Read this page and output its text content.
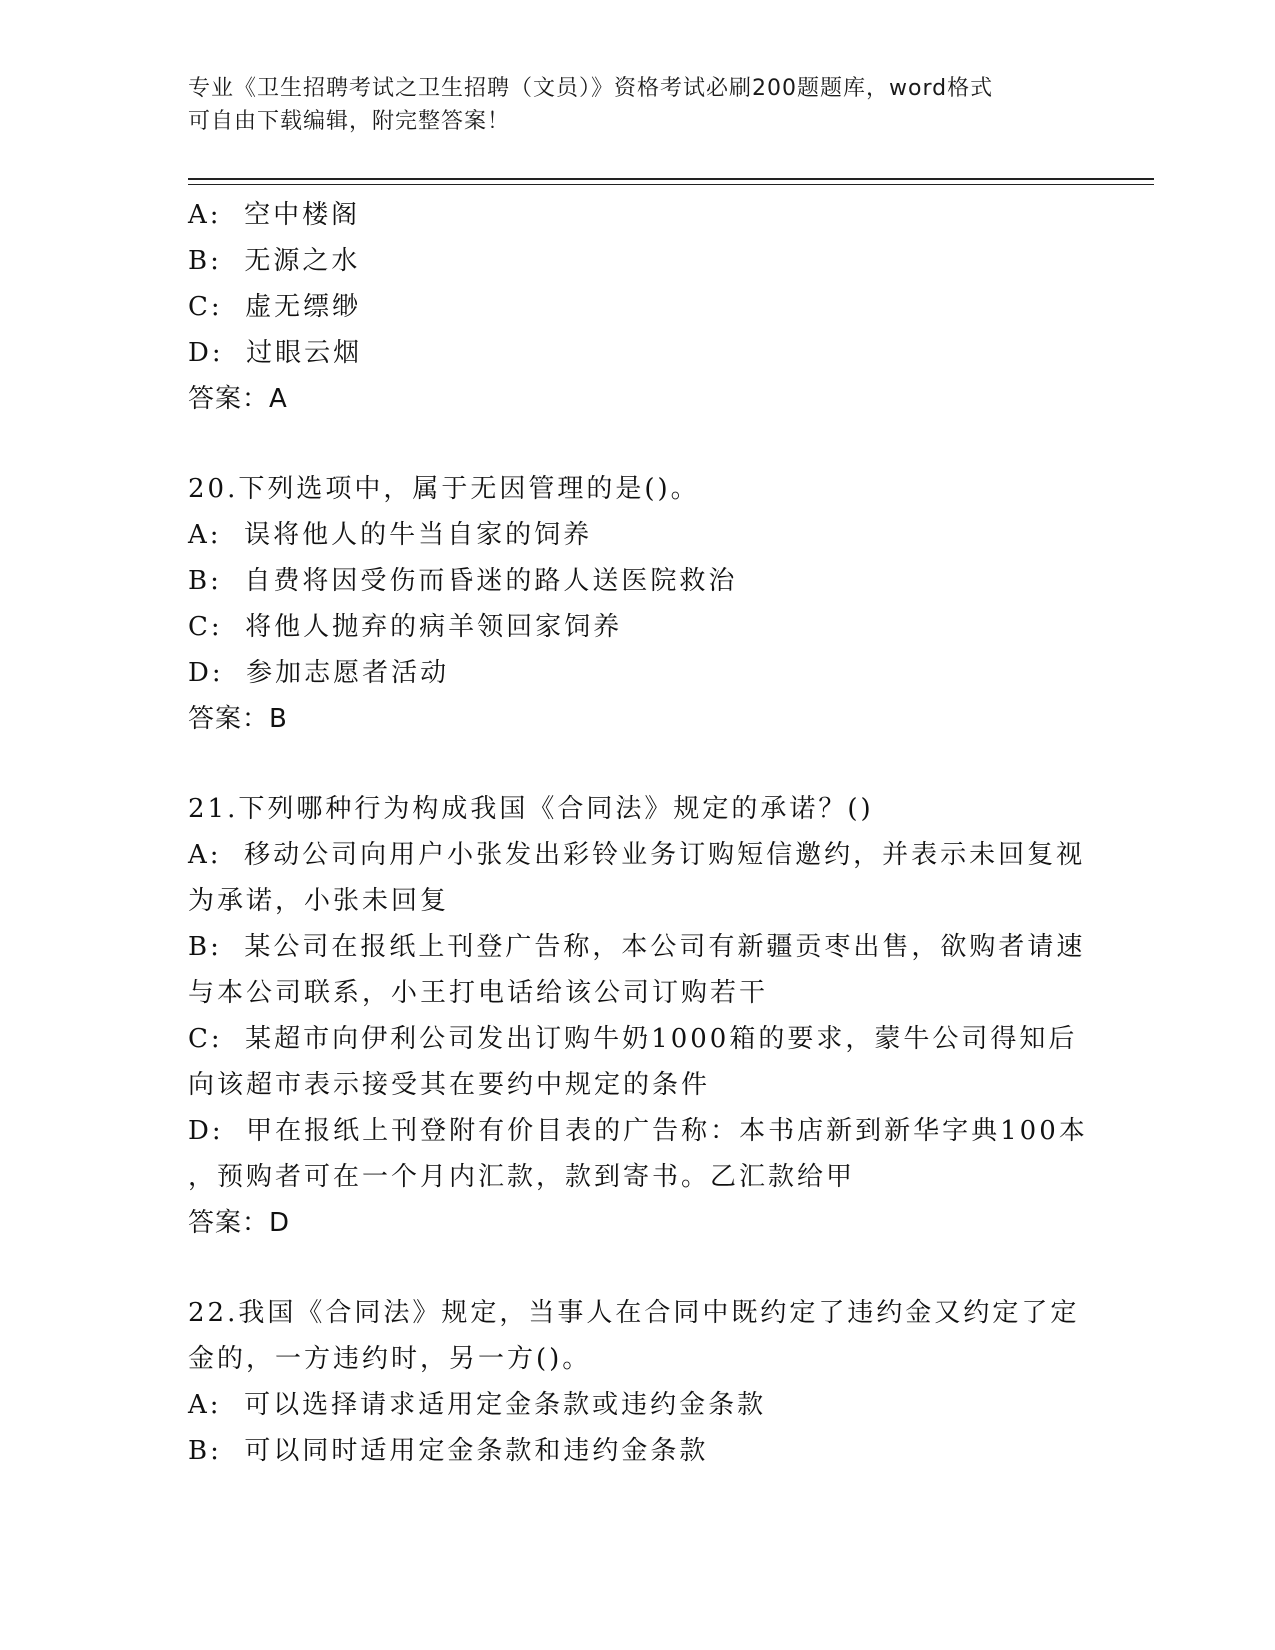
专业《卫生招聘考试之卫生招聘（文员）》资格考试必刷200题题库，word格式
可自由下载编辑，附完整答案！

A:  空中楼阁

B:  无源之水

C:  虚无缥缈

D:  过眼云烟

答案：A

20.下列选项中，属于无因管理的是()。

A:  误将他人的牛当自家的饲养

B:  自费将因受伤而昏迷的路人送医院救治

C:  将他人抛弃的病羊领回家饲养

D:  参加志愿者活动

答案：B

21.下列哪种行为构成我国《合同法》规定的承诺？()

A:  移动公司向用户小张发出彩铃业务订购短信邀约，并表示未回复视

为承诺，小张未回复

B:  某公司在报纸上刊登广告称，本公司有新疆贡枣出售，欲购者请速

与本公司联系，小王打电话给该公司订购若干

C:  某超市向伊利公司发出订购牛奶1000箱的要求，蒙牛公司得知后

向该超市表示接受其在要约中规定的条件

D:  甲在报纸上刊登附有价目表的广告称：本书店新到新华字典100本

，预购者可在一个月内汇款，款到寄书。乙汇款给甲

答案：D

22.我国《合同法》规定，当事人在合同中既约定了违约金又约定了定

金的，一方违约时，另一方()。

A:  可以选择请求适用定金条款或违约金条款

B:  可以同时适用定金条款和违约金条款
